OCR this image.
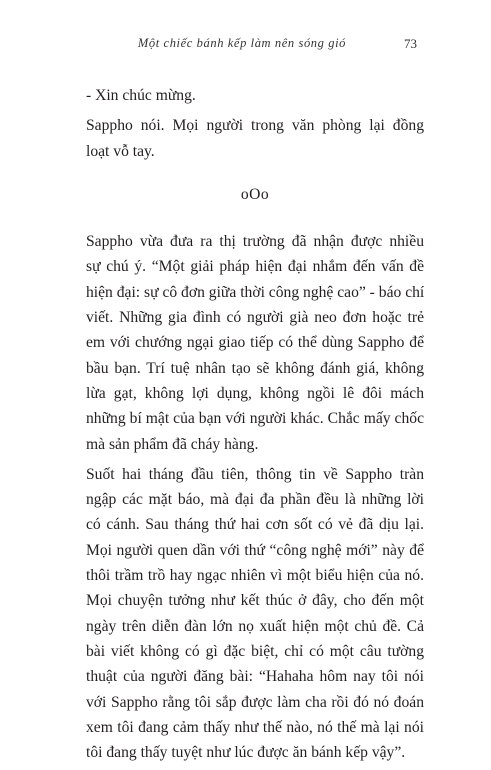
Một chiếc bánh kếp làm nên sóng gió	73

- Xin chúc mừng.

Sappho nói. Mọi người trong văn phòng lại đồng
loạt vỗ tay.

oOo

Sappho vừa đưa ra thị trường đã nhận được nhiều
sự chú ý. “Một giải pháp hiện đại nhắm đến vấn đề
hiện đại: sự cô đơn giữa thời công nghệ cao” - báo chí
viết. Những gia đình có người già neo đơn hoặc trẻ
em với chướng ngại giao tiếp có thể dùng Sappho để
bầu bạn. Trí tuệ nhân tạo sẽ không đánh giá, không
lừa gạt, không lợi dụng, không ngồi lê đôi mách
những bí mật của bạn với người khác. Chắc mấy chốc
mà sản phẩm đã cháy hàng.

Suốt hai tháng đầu tiên, thông tin về Sappho tràn
ngập các mặt báo, mà đại đa phần đều là những lời
có cánh. Sau tháng thứ hai cơn sốt có vẻ đã dịu lại.
Mọi người quen dần với thứ “công nghệ mới” này để
thôi trầm trồ hay ngạc nhiên vì một biểu hiện của nó.
Mọi chuyện tưởng như kết thúc ở đây, cho đến một
ngày trên diễn đàn lớn nọ xuất hiện một chủ đề. Cả
bài viết không có gì đặc biệt, chỉ có một câu tường
thuật của người đăng bài: “Hahaha hôm nay tôi nói
với Sappho rằng tôi sắp được làm cha rồi đó nó đoán
xem tôi đang cảm thấy như thế nào, nó thế mà lại nói
tôi đang thấy tuyệt như lúc được ăn bánh kếp vậy”.
